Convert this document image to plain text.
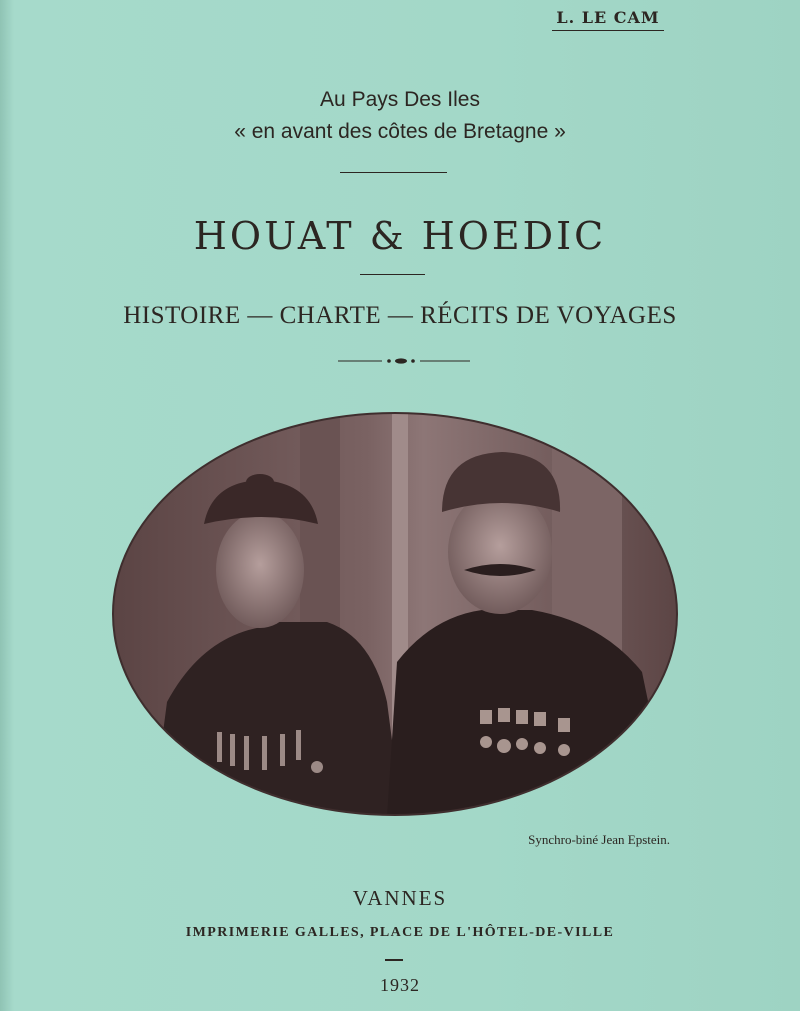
L. LE CAM
Au Pays Des Iles
« en avant des côtes de Bretagne »
HOUAT & HOEDIC
HISTOIRE — CHARTE — RÉCITS DE VOYAGES
Synchro-biné Jean Epstein.
VANNES
IMPRIMERIE GALLES, PLACE DE L'HÔTEL-DE-VILLE
1932
